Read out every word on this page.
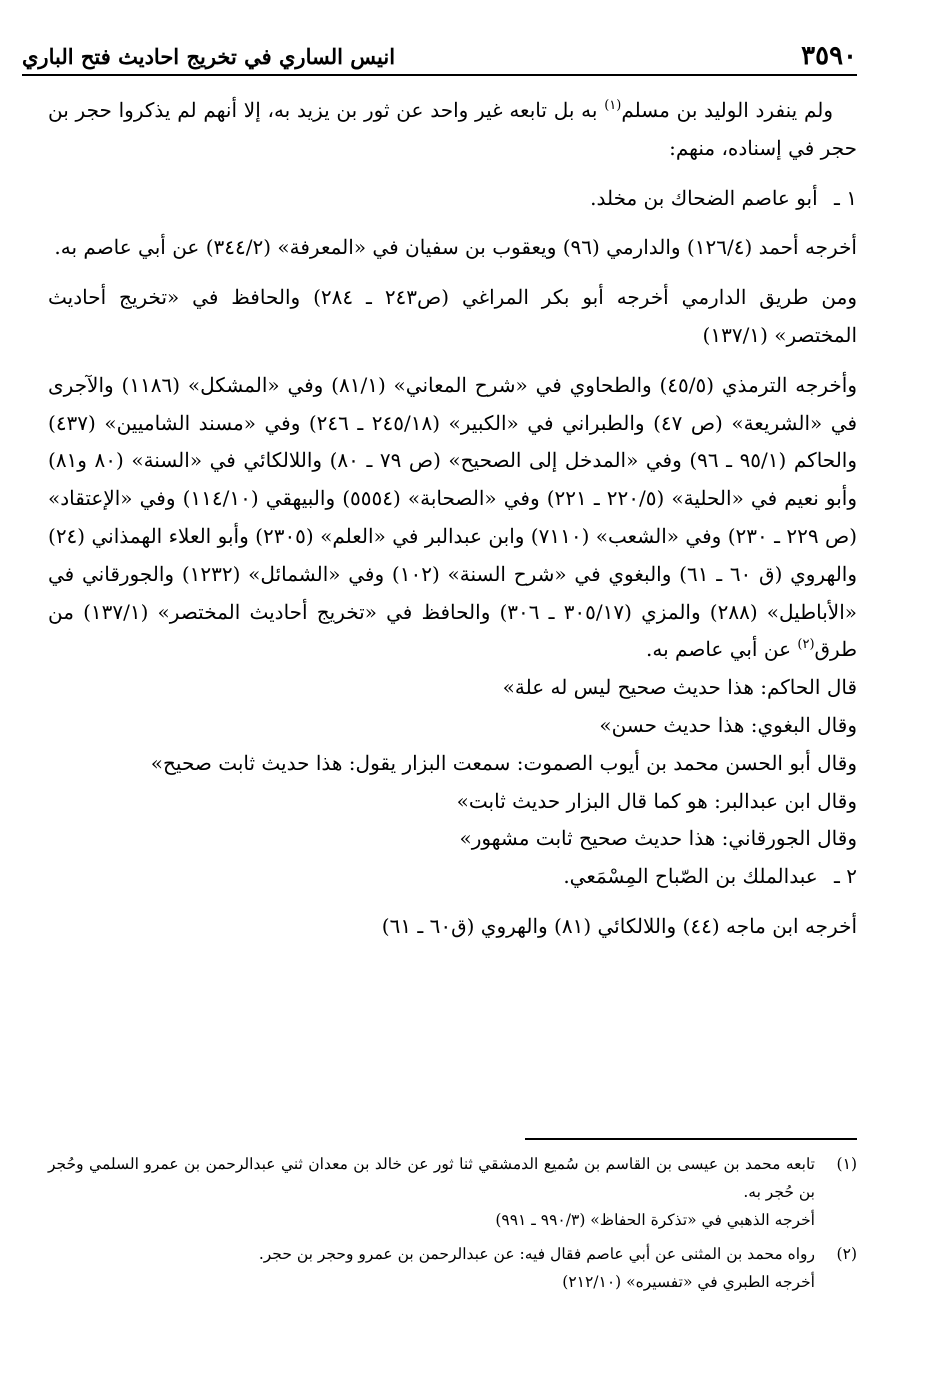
٣٥٩٠
انيس الساري في تخريج احاديث فتح الباري

ولم ينفرد الوليد بن مسلم$^{(١)}$ به بل تابعه غير واحد عن ثور بن يزيد به، إلا أنهم لم يذكروا حجر بن حجر في إسناده، منهم:

١ ـ أبو عاصم الضحاك بن مخلد.

أخرجه أحمد (١٢٦/٤) والدارمي (٩٦) ويعقوب بن سفيان في «المعرفة» (٣٤٤/٢) عن أبي عاصم به.

ومن طريق الدارمي أخرجه أبو بكر المراغي (ص٢٤٣ ـ ٢٨٤) والحافظ في «تخريج أحاديث المختصر» (١٣٧/١)

وأخرجه الترمذي (٤٥/٥) والطحاوي في «شرح المعاني» (٨١/١) وفي «المشكل» (١١٨٦) والآجرى في «الشريعة» (ص ٤٧) والطبراني في «الكبير» (٢٤٥/١٨ ـ ٢٤٦) وفي «مسند الشاميين» (٤٣٧) والحاكم (٩٥/١ ـ ٩٦) وفي «المدخل إلى الصحيح» (ص ٧٩ ـ ٨٠) واللالكائي في «السنة» (٨٠ و٨١) وأبو نعيم في «الحلية» (٢٢٠/٥ ـ ٢٢١) وفي «الصحابة» (٥٥٥٤) والبيهقي (١١٤/١٠) وفي «الإعتقاد» (ص ٢٢٩ ـ ٢٣٠) وفي «الشعب» (٧١١٠) وابن عبدالبر في «العلم» (٢٣٠٥) وأبو العلاء الهمذاني (٢٤) والهروي (ق ٦٠ ـ ٦١) والبغوي في «شرح السنة» (١٠٢) وفي «الشمائل» (١٢٣٢) والجورقاني في «الأباطيل» (٢٨٨) والمزي (٣٠٥/١٧ ـ ٣٠٦) والحافظ في «تخريج أحاديث المختصر» (١٣٧/١) من طرق$^{(٢)}$ عن أبي عاصم به.

قال الحاكم: هذا حديث صحيح ليس له علة»

وقال البغوي: هذا حديث حسن»

وقال أبو الحسن محمد بن أيوب الصموت: سمعت البزار يقول: هذا حديث ثابت صحيح»

وقال ابن عبدالبر: هو كما قال البزار حديث ثابت»

وقال الجورقاني: هذا حديث صحيح ثابت مشهور»

٢ ـ عبدالملك بن الصّباح المِسْمَعي.

أخرجه ابن ماجه (٤٤) واللالكائي (٨١) والهروي (ق٦٠ ـ ٦١)

(١)
تابعه محمد بن عيسى بن القاسم بن سُميع الدمشقي ثنا ثور عن خالد بن معدان ثني عبدالرحمن بن عمرو السلمي وحُجر بن حُجر به.
أخرجه الذهبي في «تذكرة الحفاظ» (٩٩٠/٣ ـ ٩٩١)
(٢)
رواه محمد بن المثنى عن أبي عاصم فقال فيه: عن عبدالرحمن بن عمرو وحجر بن حجر.
أخرجه الطبري في «تفسيره» (٢١٢/١٠)
